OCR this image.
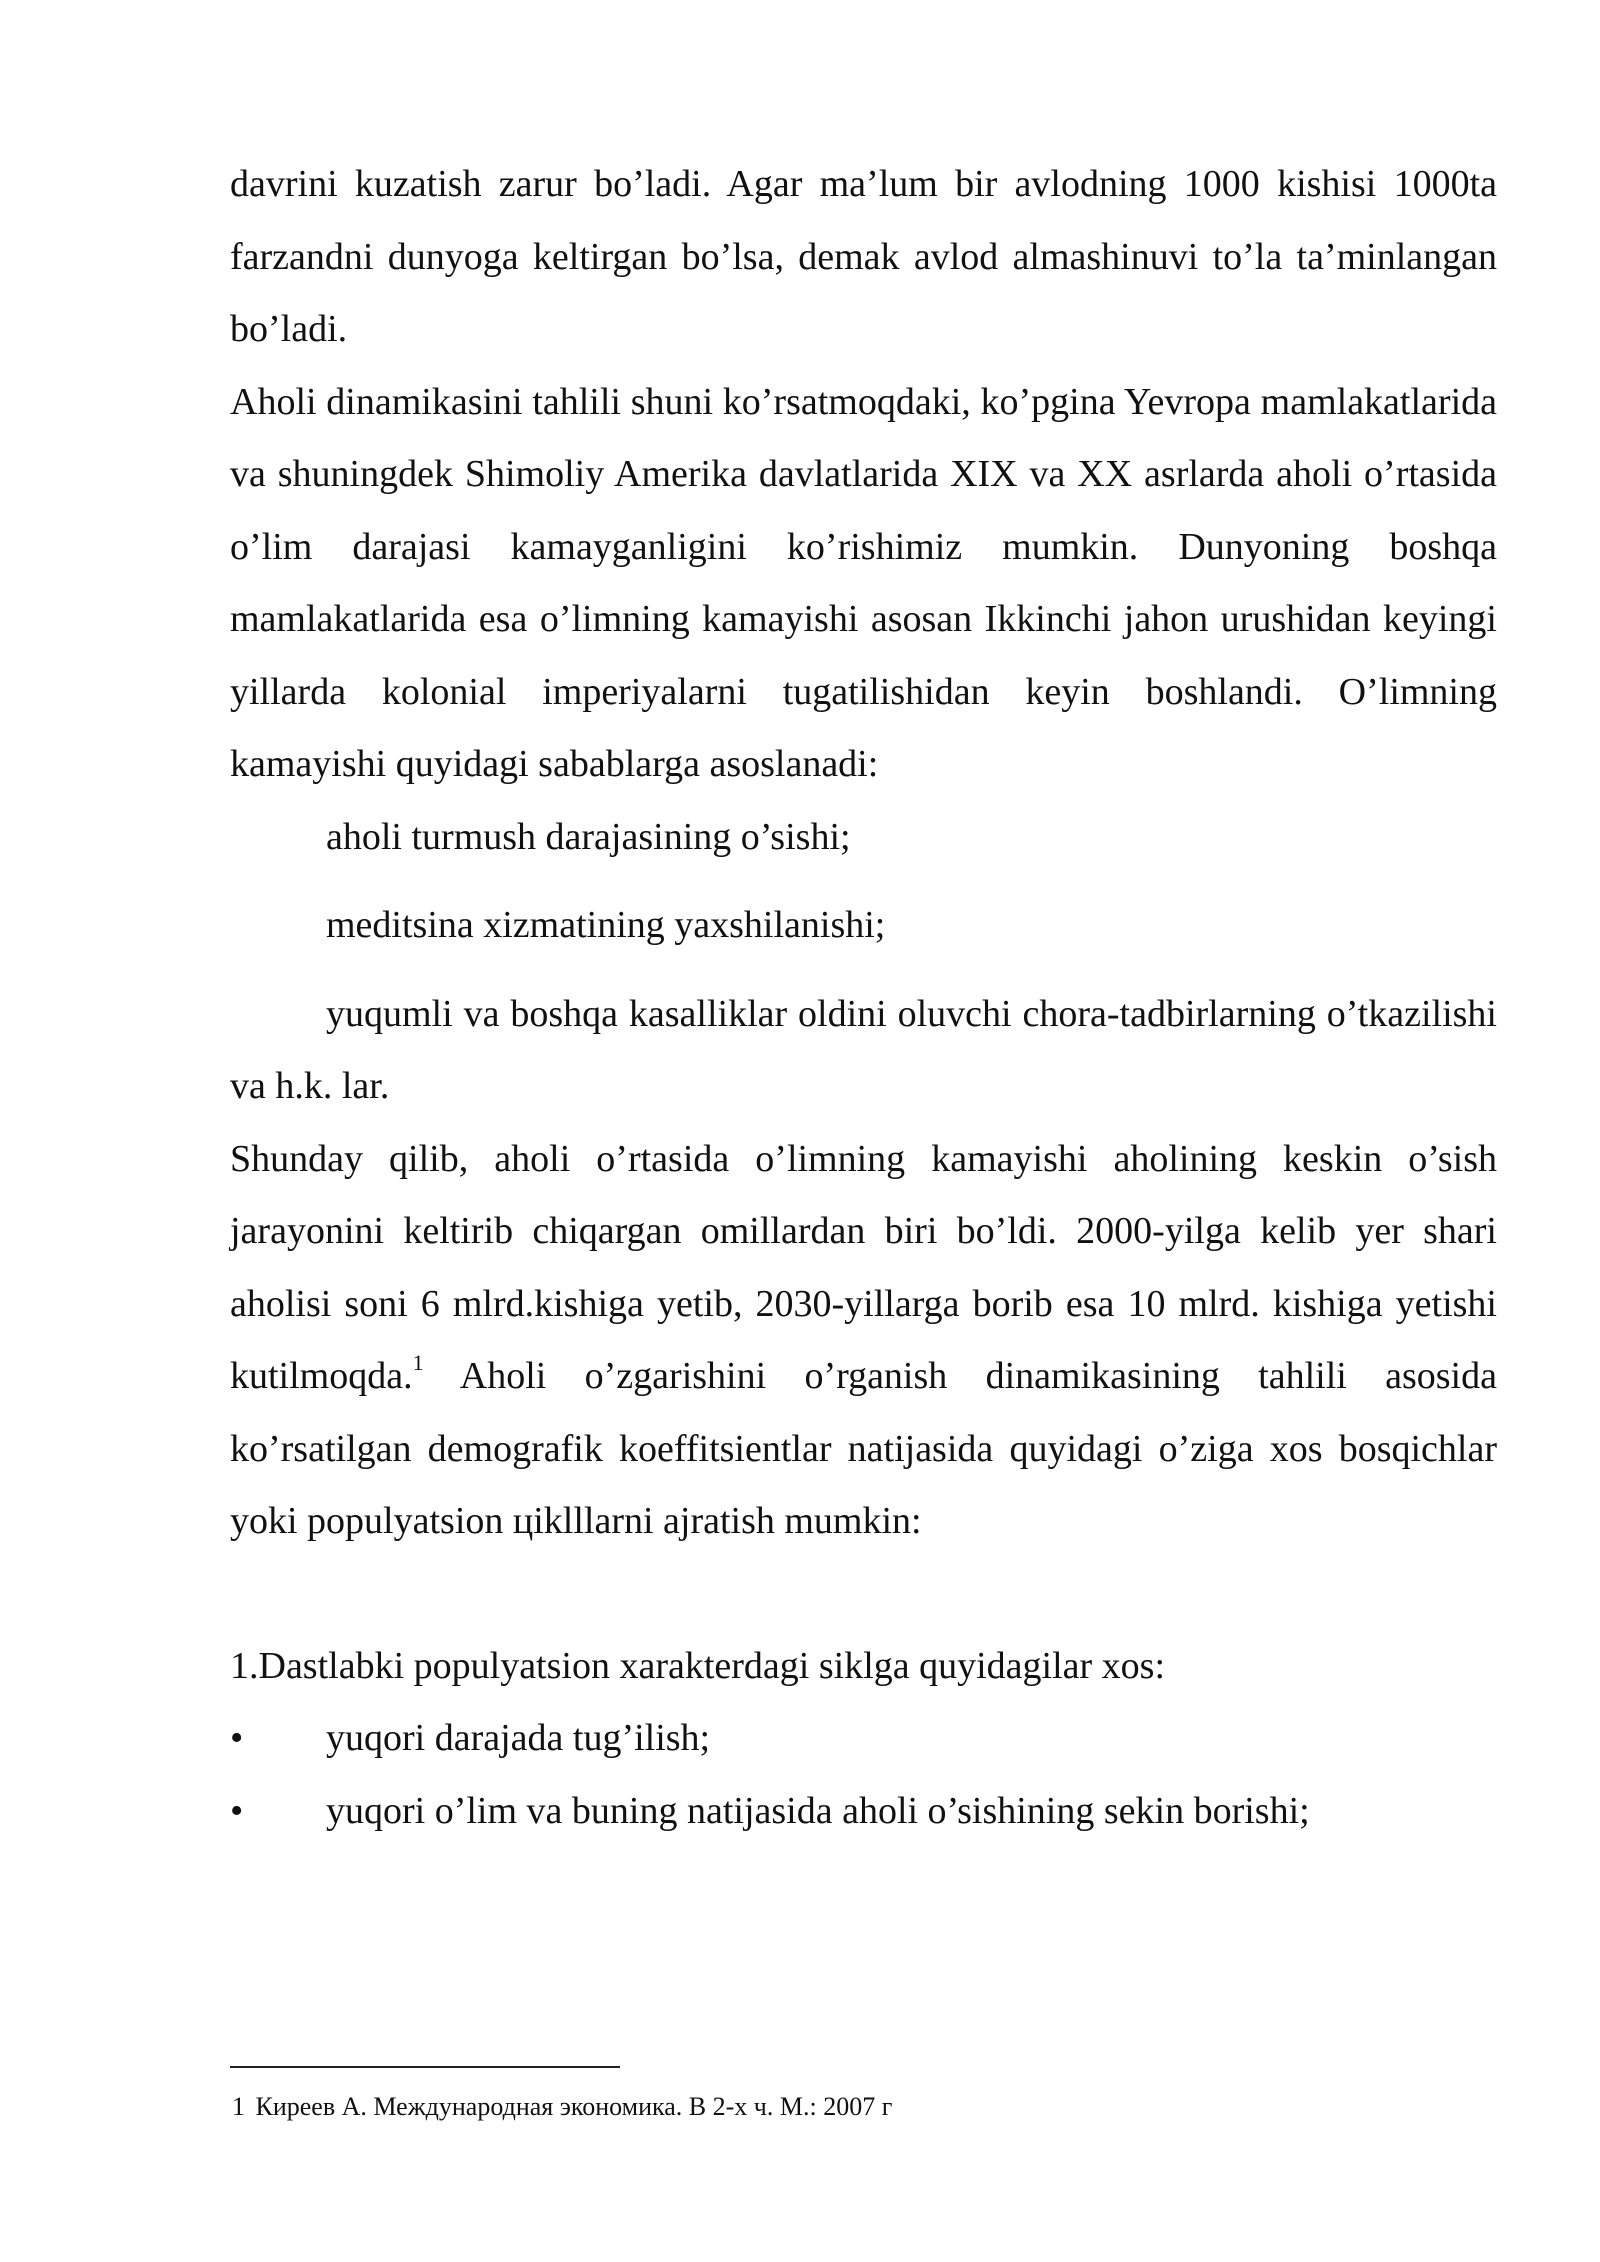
davrini kuzatish zarur bo’ladi. Agar ma’lum bir avlodning 1000 kishisi 1000ta farzandni dunyoga keltirgan bo’lsa, demak avlod almashinuvi to’la ta’minlangan bo’ladi.

Aholi dinamikasini tahlili shuni ko’rsatmoqdaki, ko’pgina Yevropa mamlakatlarida va shuningdek Shimoliy Amerika davlatlarida XIX va XX asrlarda aholi o’rtasida o’lim darajasi kamayganligini ko’rishimiz mumkin. Dunyoning boshqa mamlakatlarida esa o’limning kamayishi asosan Ikkinchi jahon urushidan keyingi yillarda kolonial imperiyalarni tugatilishidan keyin boshlandi. O’limning kamayishi quyidagi sabablarga asoslanadi:

aholi turmush darajasining o’sishi;
meditsina xizmatining yaxshilanishi;
yuqumli va boshqa kasalliklar oldini oluvchi chora-tadbirlarning o’tkazilishi va h.k. lar.

Shunday qilib, aholi o’rtasida o’limning kamayishi aholining keskin o’sish jarayonini keltirib chiqargan omillardan biri bo’ldi. 2000-yilga kelib yer shari aholisi soni 6 mlrd.kishiga yetib, 2030-yillarga borib esa 10 mlrd. kishiga yetishi kutilmoqda.$^1$ Aholi o’zgarishini o’rganish dinamikasining tahlili asosida ko’rsatilgan demografik koeffitsientlar natijasida quyidagi o’ziga xos bosqichlar yoki populyatsion цiklllarni ajratish mumkin:

1.Dastlabki populyatsion xarakterdagi siklga quyidagilar xos:

•	yuqori darajada tug’ilish;
•	yuqori o’lim va buning natijasida aholi o’sishining sekin borishi;
1 Киреев А. Международная экономика. В 2-х ч. М.: 2007 г
